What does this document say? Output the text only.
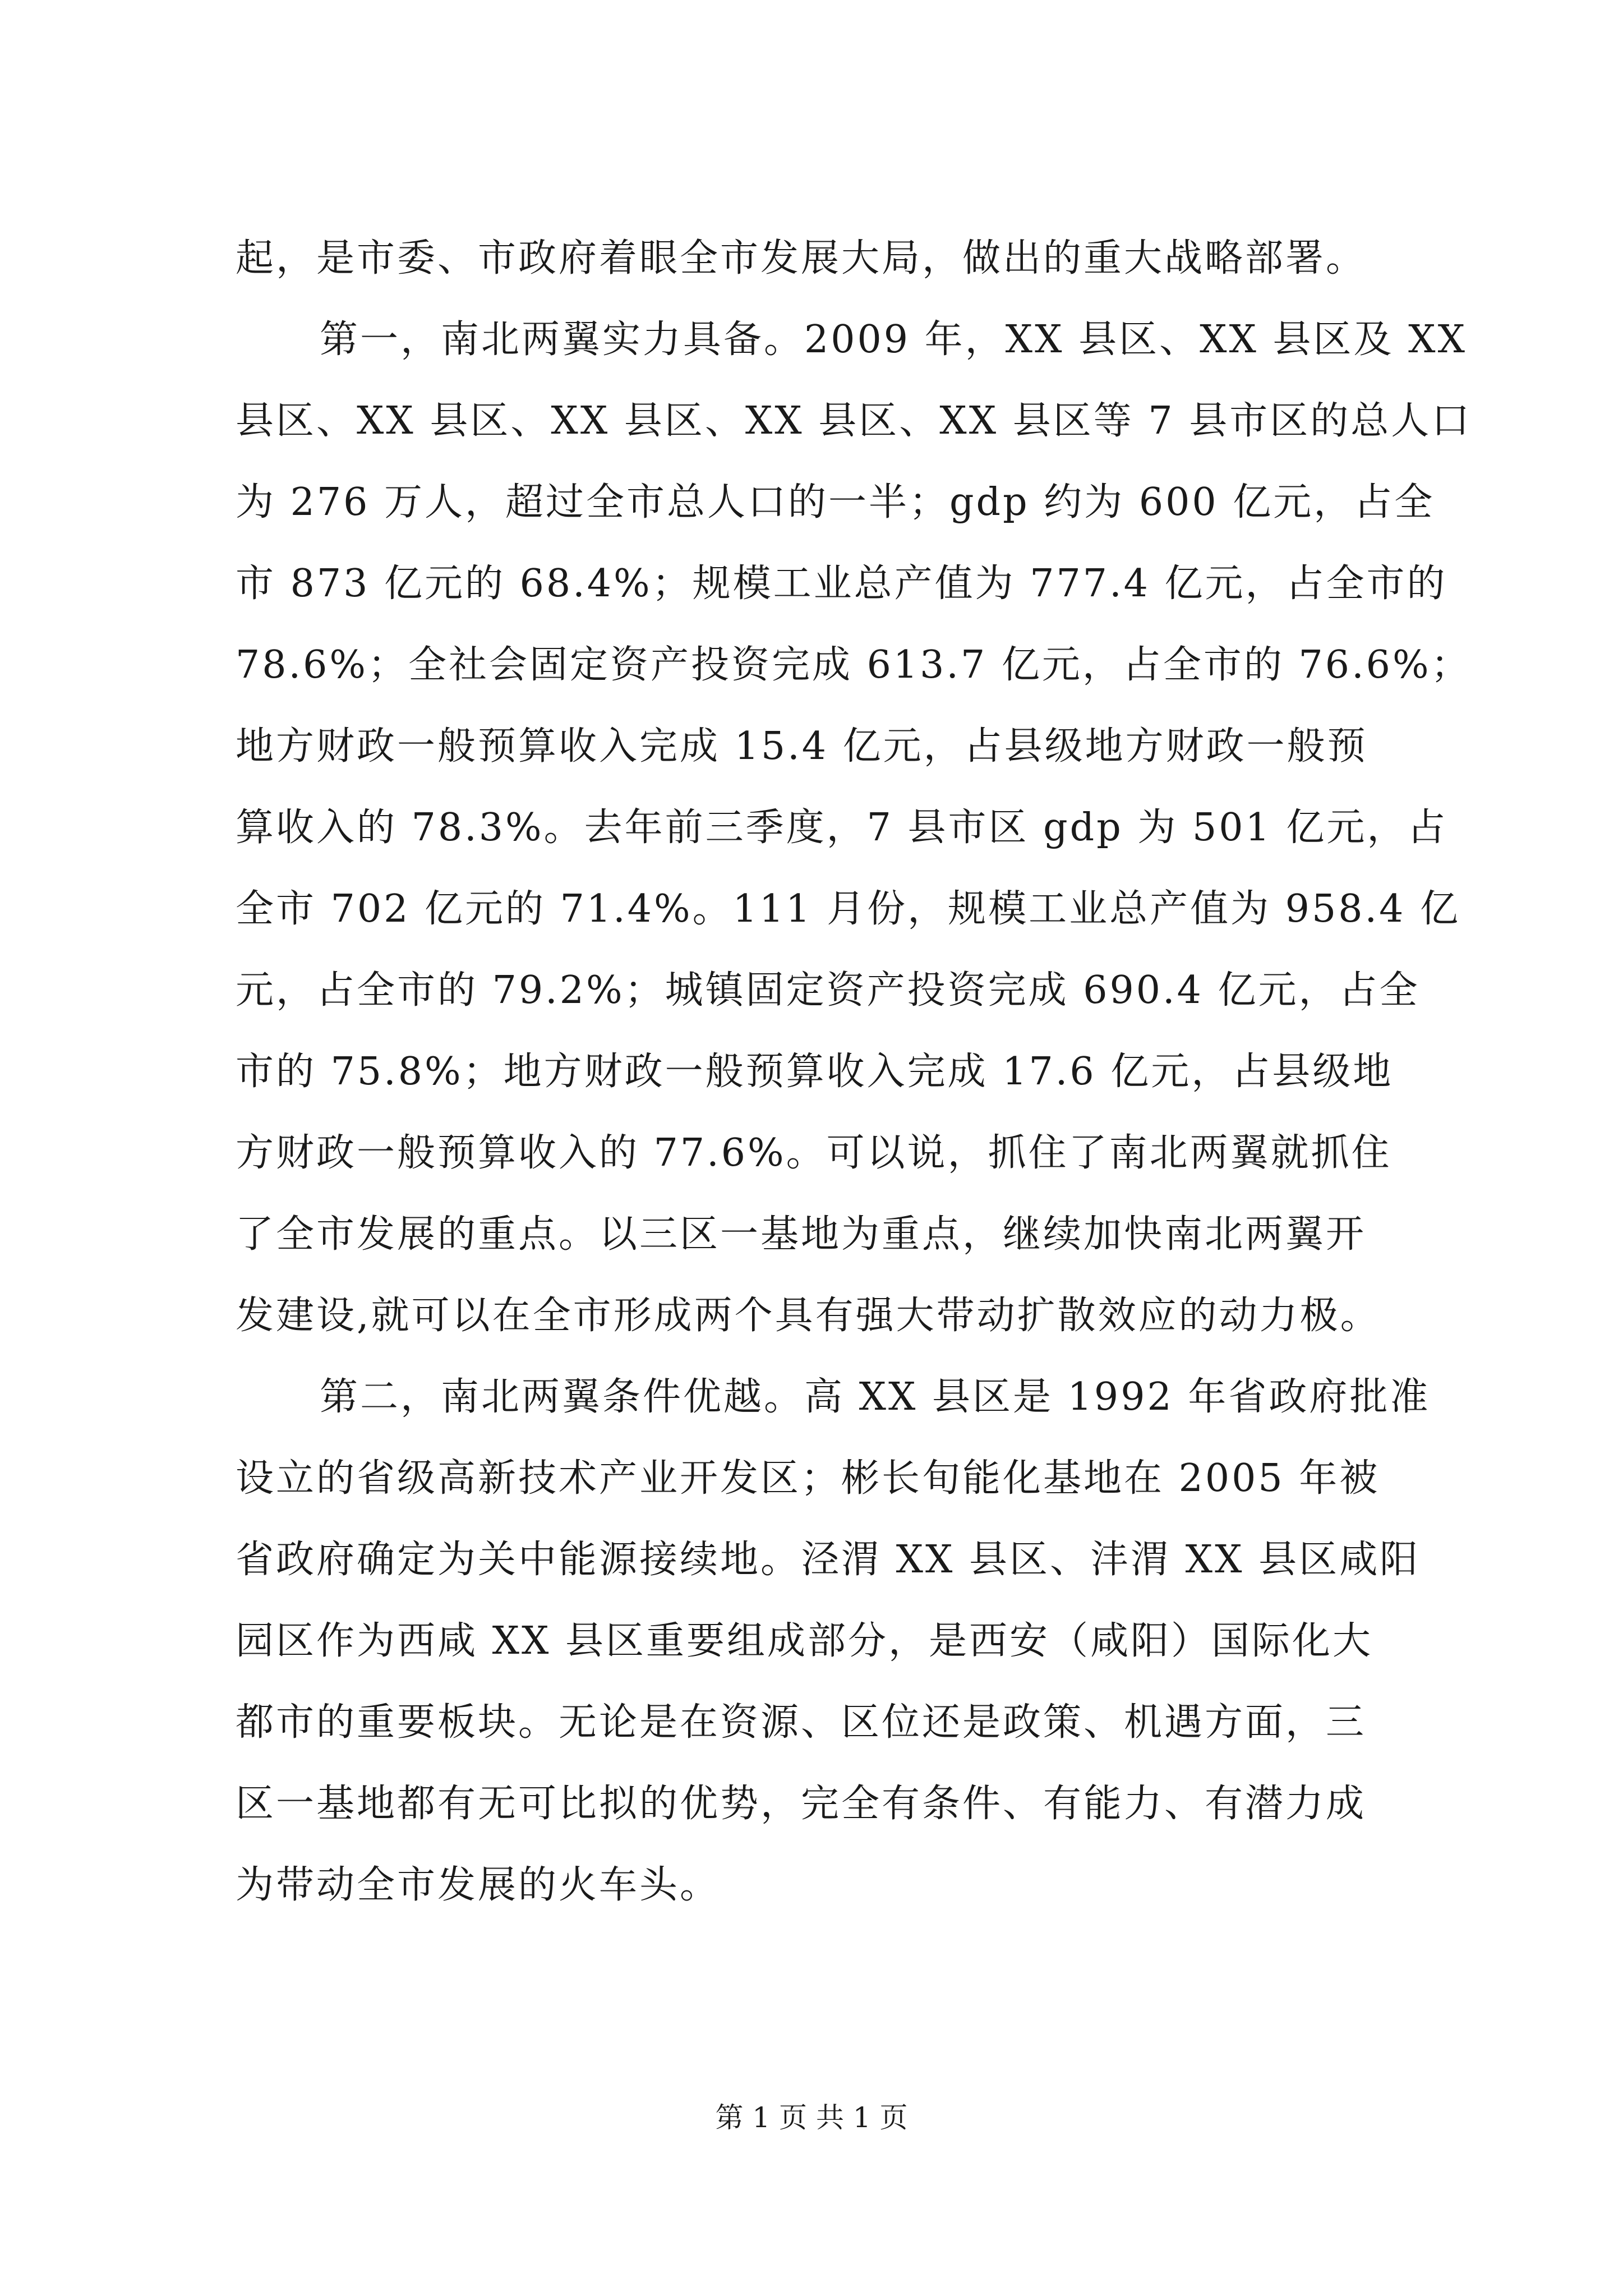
起，是市委、市政府着眼全市发展大局，做出的重大战略部署。
第一，南北两翼实力具备。2009 年，XX 县区、XX 县区及 XX
县区、XX 县区、XX 县区、XX 县区、XX 县区等 7 县市区的总人口
为 276 万人，超过全市总人口的一半；gdp 约为 600 亿元，占全
市 873 亿元的 68.4%；规模工业总产值为 777.4 亿元，占全市的
78.6%；全社会固定资产投资完成 613.7 亿元，占全市的 76.6%；
地方财政一般预算收入完成 15.4 亿元，占县级地方财政一般预
算收入的 78.3%。去年前三季度，7 县市区 gdp 为 501 亿元，占
全市 702 亿元的 71.4%。111 月份，规模工业总产值为 958.4 亿
元，占全市的 79.2%；城镇固定资产投资完成 690.4 亿元，占全
市的 75.8%；地方财政一般预算收入完成 17.6 亿元，占县级地
方财政一般预算收入的 77.6%。可以说，抓住了南北两翼就抓住
了全市发展的重点。以三区一基地为重点，继续加快南北两翼开
发建设,就可以在全市形成两个具有强大带动扩散效应的动力极。
第二，南北两翼条件优越。高 XX 县区是 1992 年省政府批准
设立的省级高新技术产业开发区；彬长旬能化基地在 2005 年被
省政府确定为关中能源接续地。泾渭 XX 县区、沣渭 XX 县区咸阳
园区作为西咸 XX 县区重要组成部分，是西安（咸阳）国际化大
都市的重要板块。无论是在资源、区位还是政策、机遇方面，三
区一基地都有无可比拟的优势，完全有条件、有能力、有潜力成
为带动全市发展的火车头。
第 1 页 共 1 页
